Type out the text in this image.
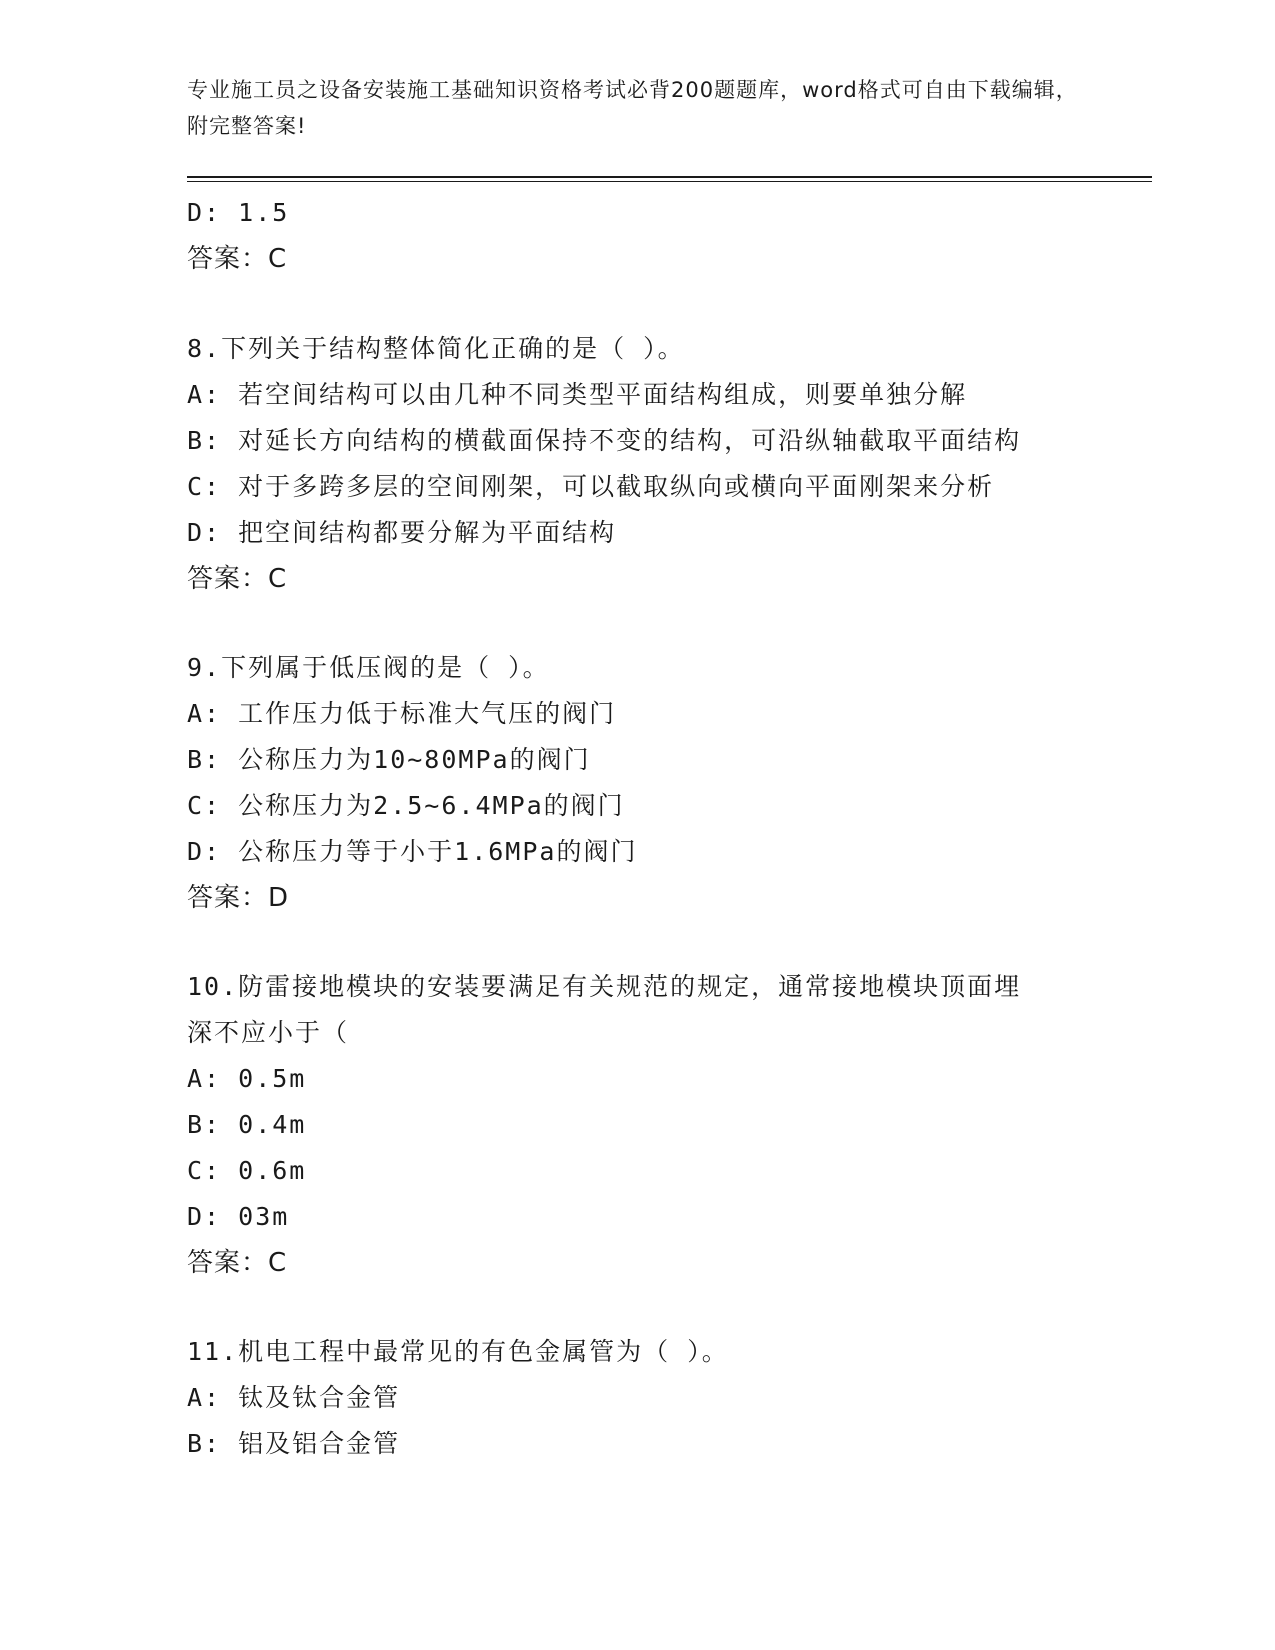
专业施工员之设备安装施工基础知识资格考试必背200题题库，word格式可自由下载编辑，附完整答案!
D: 1.5
答案：C
8.下列关于结构整体简化正确的是（ ）。
A: 若空间结构可以由几种不同类型平面结构组成，则要单独分解
B: 对延长方向结构的横截面保持不变的结构，可沿纵轴截取平面结构
C: 对于多跨多层的空间刚架，可以截取纵向或横向平面刚架来分析
D: 把空间结构都要分解为平面结构
答案：C
9.下列属于低压阀的是（ ）。
A: 工作压力低于标准大气压的阀门
B: 公称压力为10~80MPa的阀门
C: 公称压力为2.5~6.4MPa的阀门
D: 公称压力等于小于1.6MPa的阀门
答案：D
10.防雷接地模块的安装要满足有关规范的规定，通常接地模块顶面埋
深不应小于（
A: 0.5m
B: 0.4m
C: 0.6m
D: 03m
答案：C
11.机电工程中最常见的有色金属管为（ ）。
A: 钛及钛合金管
B: 铝及铝合金管
